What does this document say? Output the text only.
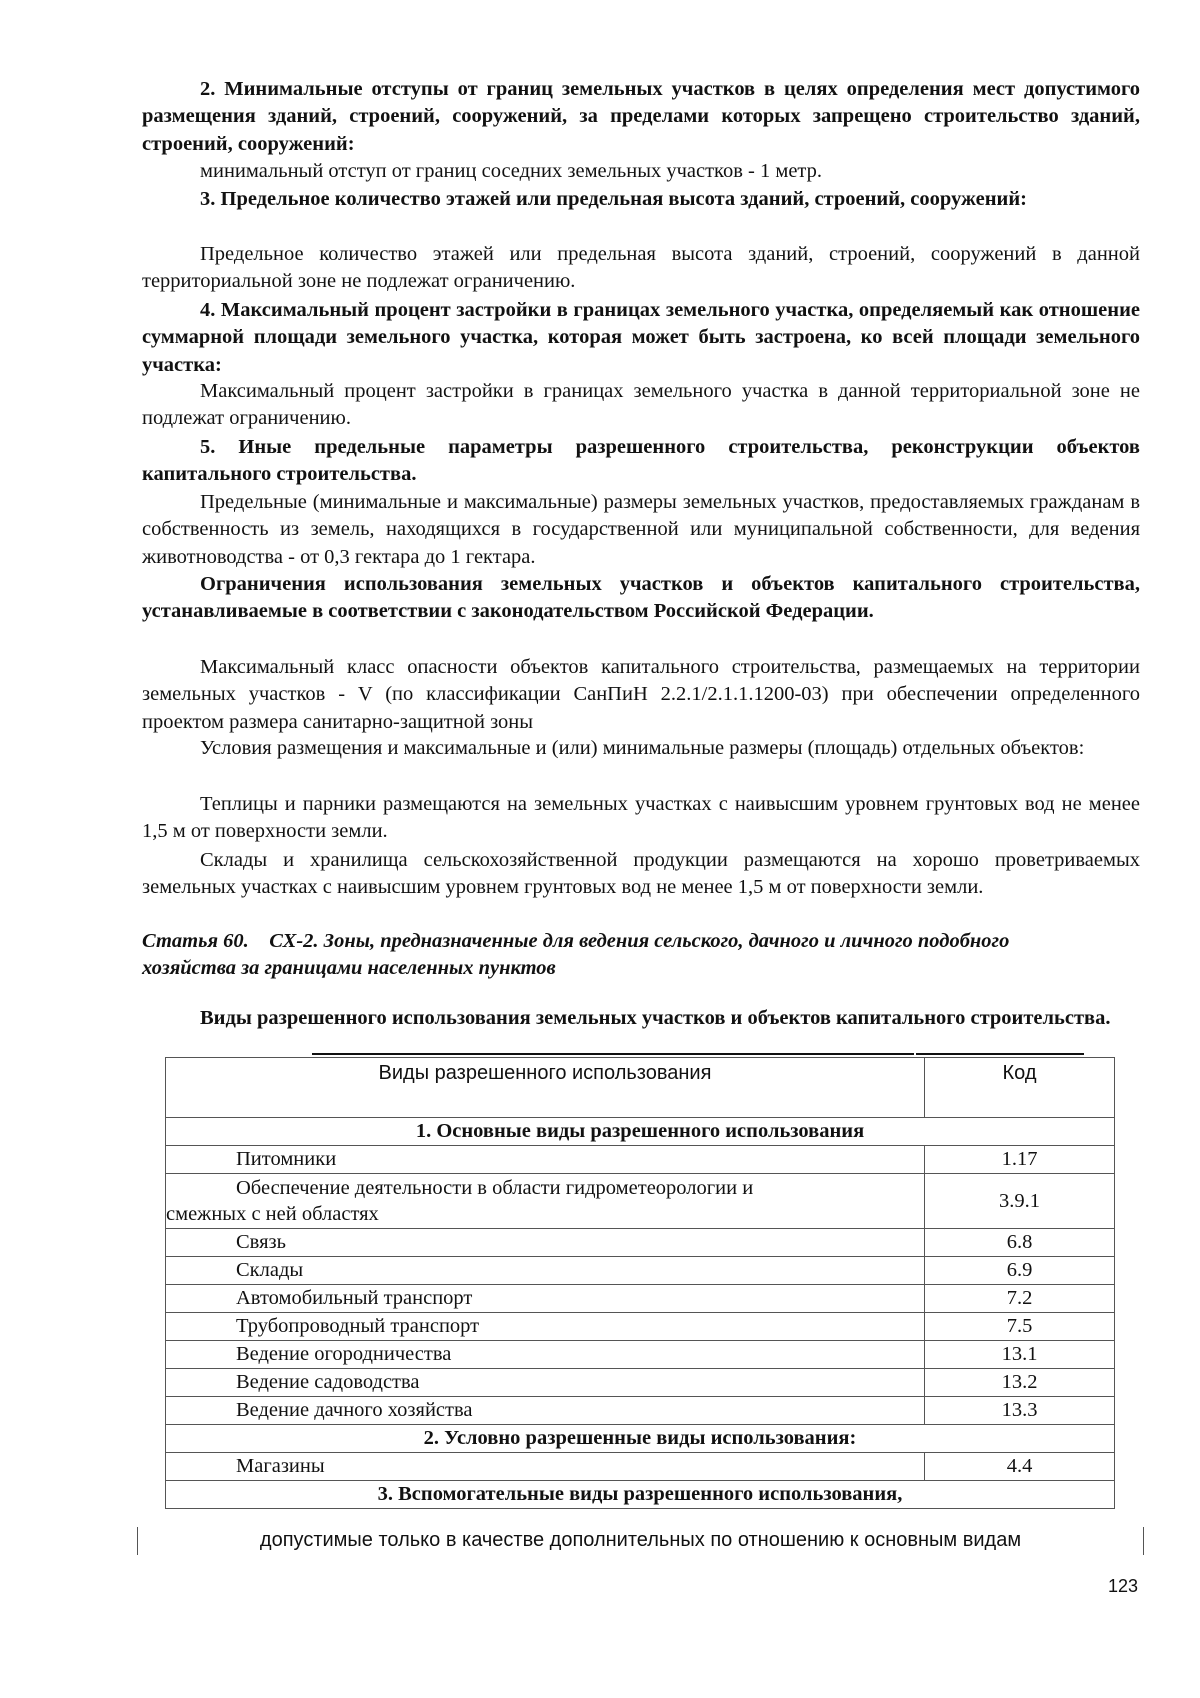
2. Минимальные отступы от границ земельных участков в целях определения мест допустимого размещения зданий, строений, сооружений, за пределами которых запрещено строительство зданий, строений, сооружений:
минимальный отступ от границ соседних земельных участков - 1 метр.
3. Предельное количество этажей или предельная высота зданий, строений, сооружений:
Предельное количество этажей или предельная высота зданий, строений, сооружений в данной территориальной зоне не подлежат ограничению.
4. Максимальный процент застройки в границах земельного участка, определяемый как отношение суммарной площади земельного участка, которая может быть застроена, ко всей площади земельного участка:
Максимальный процент застройки в границах земельного участка в данной территориальной зоне не подлежат ограничению.
5. Иные предельные параметры разрешенного строительства, реконструкции объектов капитального строительства.
Предельные (минимальные и максимальные) размеры земельных участков, предоставляемых гражданам в собственность из земель, находящихся в государственной или муниципальной собственности, для ведения животноводства - от 0,3 гектара до 1 гектара.
Ограничения использования земельных участков и объектов капитального строительства, устанавливаемые в соответствии с законодательством Российской Федерации.
Максимальный класс опасности объектов капитального строительства, размещаемых на территории земельных участков - V (по классификации СанПиН 2.2.1/2.1.1.1200-03) при обеспечении определенного проектом размера санитарно-защитной зоны
Условия размещения и максимальные и (или) минимальные размеры (площадь) отдельных объектов:
Теплицы и парники размещаются на земельных участках с наивысшим уровнем грунтовых вод не менее 1,5 м от поверхности земли.
Склады и хранилища сельскохозяйственной продукции размещаются на хорошо проветриваемых земельных участках с наивысшим уровнем грунтовых вод не менее 1,5 м от поверхности земли.
Статья 60.    СХ-2. Зоны, предназначенные для ведения сельского, дачного и личного подобного хозяйства за границами населенных пунктов
Виды разрешенного использования земельных участков и объектов капитального строительства.
Виды разрешенного использования	Код
1. Основные виды разрешенного использования	
Питомники	1.17

Обеспечение деятельности в области гидрометеорологии и
смежных с ней областях	3.9.1
Связь	6.8
Склады	6.9
Автомобильный транспорт	7.2
Трубопроводный транспорт	7.5
Ведение огородничества	13.1
Ведение садоводства	13.2
Ведение дачного хозяйства	13.3
2. Условно разрешенные виды использования:	
Магазины	4.4
3. Вспомогательные виды разрешенного использования,	
допустимые только в качестве дополнительных по отношению к основным видам
123
